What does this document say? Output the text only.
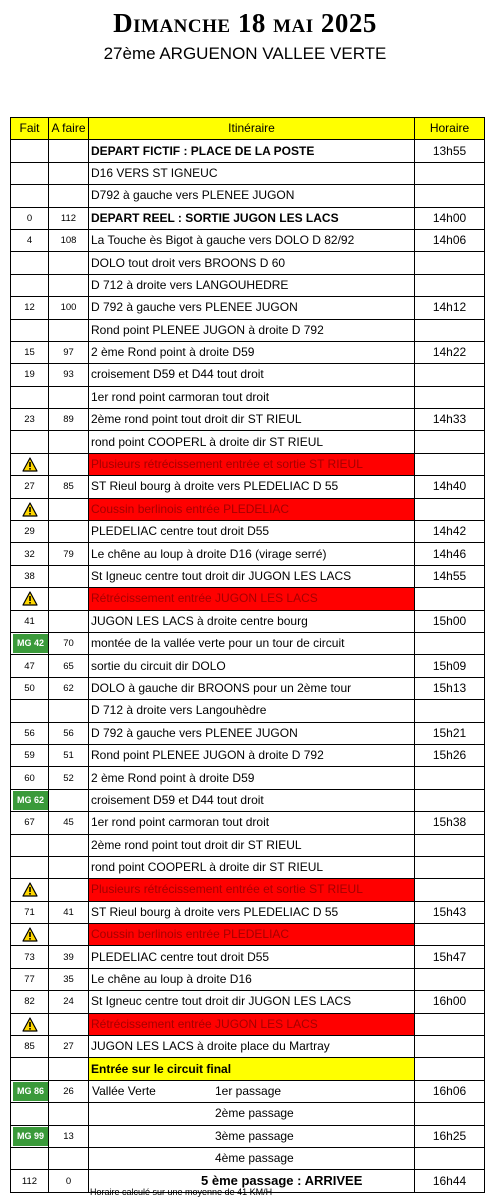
Dimanche 18 mai 2025
27ème ARGUENON VALLEE VERTE
Fait	A faire	Itinéraire	Horaire
		DEPART FICTIF : PLACE DE LA POSTE	13h55
		D16 VERS ST IGNEUC	
		D792 à gauche vers PLENEE JUGON	
0	112	DEPART REEL : SORTIE JUGON LES LACS	14h00
4	108	La Touche ès Bigot à gauche vers DOLO D 82/92	14h06
		DOLO tout droit vers BROONS D 60	
		D 712 à droite vers LANGOUHEDRE	
12	100	D 792 à gauche vers PLENEE JUGON	14h12
		Rond point PLENEE JUGON à droite D 792	
15	97	2 ème Rond point à droite D59	14h22
19	93	croisement D59 et D44 tout droit	
		1er rond point carmoran tout droit	
23	89	2ème rond point tout droit dir ST RIEUL	14h33
		rond point COOPERL à droite dir ST RIEUL	

		Plusieurs rétrécissement entrée et sortie ST RIEUL	
27	85	ST Rieul bourg à droite vers PLEDELIAC D 55	14h40

		Coussin berlinois entrée PLEDELIAC	
29		PLEDELIAC centre tout droit D55	14h42
32	79	Le chêne au loup à droite D16 (virage serré)	14h46
38		St Igneuc centre tout droit dir JUGON LES LACS	14h55

		Rétrécissement entrée JUGON LES LACS	
41		JUGON LES LACS à droite centre bourg	15h00
MG 42	70	montée de la vallée verte pour un tour de circuit	
47	65	sortie du circuit dir DOLO	15h09
50	62	DOLO à gauche dir BROONS pour un 2ème tour	15h13
		D 712 à droite vers Langouhèdre	
56	56	D 792 à gauche vers PLENEE JUGON	15h21
59	51	Rond point PLENEE JUGON à droite D 792	15h26
60	52	2 ème Rond point à droite D59	
MG 62		croisement D59 et D44 tout droit	
67	45	1er rond point carmoran tout droit	15h38
		2ème rond point tout droit dir ST RIEUL	
		rond point COOPERL à droite dir ST RIEUL	

		Plusieurs rétrécissement entrée et sortie ST RIEUL	
71	41	ST Rieul bourg à droite vers PLEDELIAC D 55	15h43

		Coussin berlinois entrée PLEDELIAC	
73	39	PLEDELIAC centre tout droit D55	15h47
77	35	Le chêne au loup à droite D16	
82	24	St Igneuc centre tout droit dir JUGON LES LACS	16h00

		Rétrécissement entrée JUGON LES LACS	
85	27	JUGON LES LACS à droite place du Martray	
		Entrée sur le circuit final	
MG 86	26	Vallée Verte 1er passage	16h06

		2ème passage	

MG 99	13	3ème passage	16h25

		4ème passage	

112	0	5 ème passage : ARRIVEE	16h44
Horaire calculé sur une moyenne de 41 KM/H
